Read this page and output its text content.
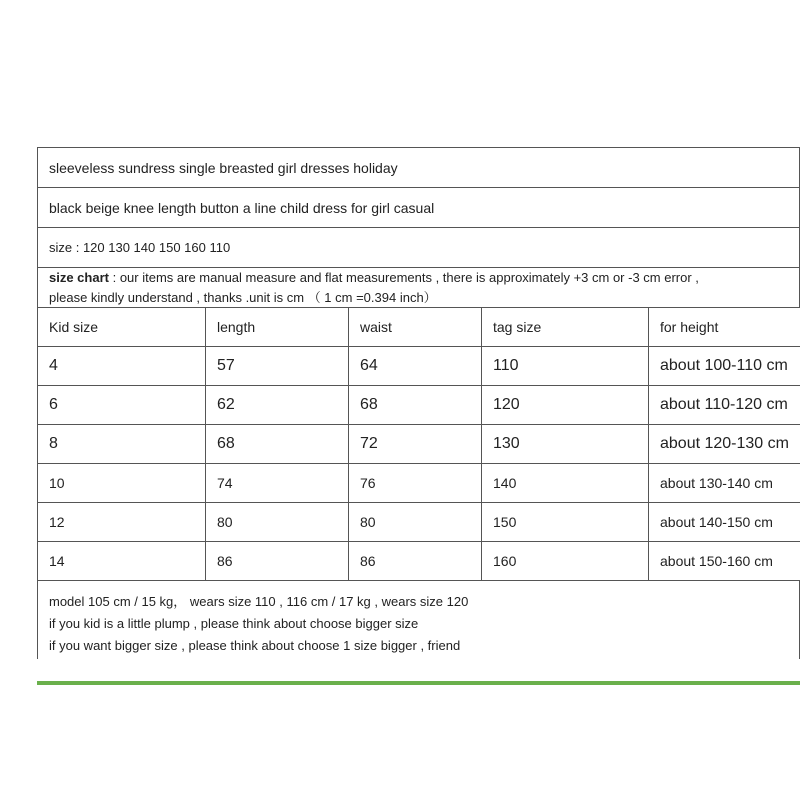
sleeveless sundress single breasted girl dresses holiday
black beige knee length button a line child dress for girl casual
size : 120 130 140 150 160 110
size chart : our items are manual measure and flat measurements , there is approximately +3 cm or -3 cm error ,
please kindly understand , thanks .unit is cm （ 1 cm =0.394 inch）
Kid size	length	waist	tag size	for height
4	57	64	110	about 100-110 cm
6	62	68	120	about 110-120 cm
8	68	72	130	about 120-130 cm
10	74	76	140	about 130-140 cm
12	80	80	150	about 140-150 cm
14	86	86	160	about 150-160 cm
model 105 cm / 15 kg， wears size 110 , 116 cm / 17 kg , wears size 120
if you kid is a little plump , please think about choose bigger size
if you want bigger size , please think about choose 1 size bigger , friend
